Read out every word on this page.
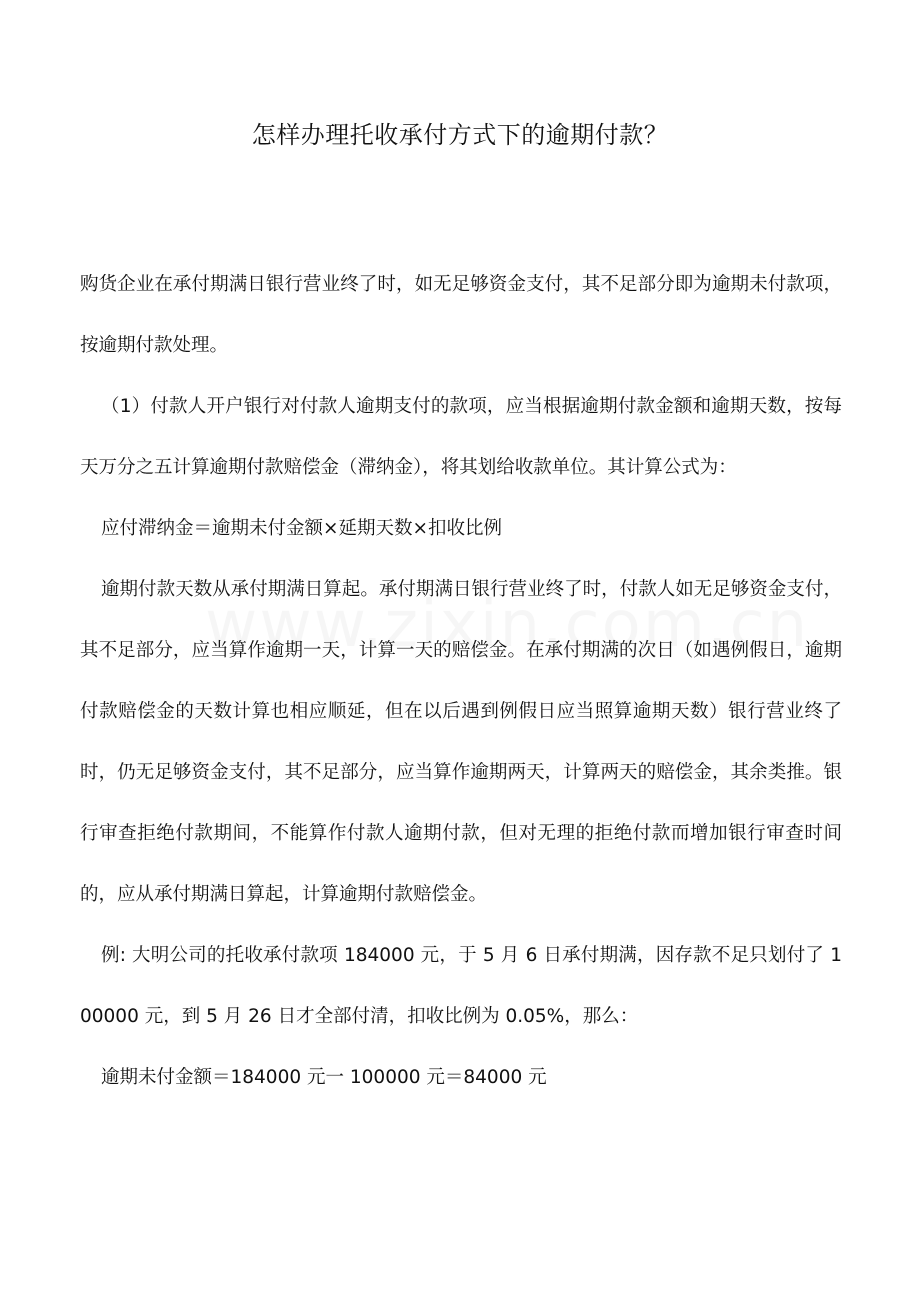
怎样办理托收承付方式下的逾期付款？

购货企业在承付期满日银行营业终了时，如无足够资金支付，其不足部分即为逾期未付款项，按逾期付款处理。

（1）付款人开户银行对付款人逾期支付的款项，应当根据逾期付款金额和逾期天数，按每天万分之五计算逾期付款赔偿金（滞纳金），将其划给收款单位。其计算公式为：

应付滞纳金＝逾期未付金额×延期天数×扣收比例

逾期付款天数从承付期满日算起。承付期满日银行营业终了时，付款人如无足够资金支付，其不足部分，应当算作逾期一天，计算一天的赔偿金。在承付期满的次日（如遇例假日，逾期付款赔偿金的天数计算也相应顺延，但在以后遇到例假日应当照算逾期天数）银行营业终了时，仍无足够资金支付，其不足部分，应当算作逾期两天，计算两天的赔偿金，其余类推。银行审查拒绝付款期间，不能算作付款人逾期付款，但对无理的拒绝付款而增加银行审查时间的，应从承付期满日算起，计算逾期付款赔偿金。

例: 大明公司的托收承付款项 184000 元，于 5 月 6 日承付期满，因存款不足只划付了 100000 元，到 5 月 26 日才全部付清，扣收比例为 0.05%，那么：

逾期未付金额＝184000 元一 100000 元＝84000 元
